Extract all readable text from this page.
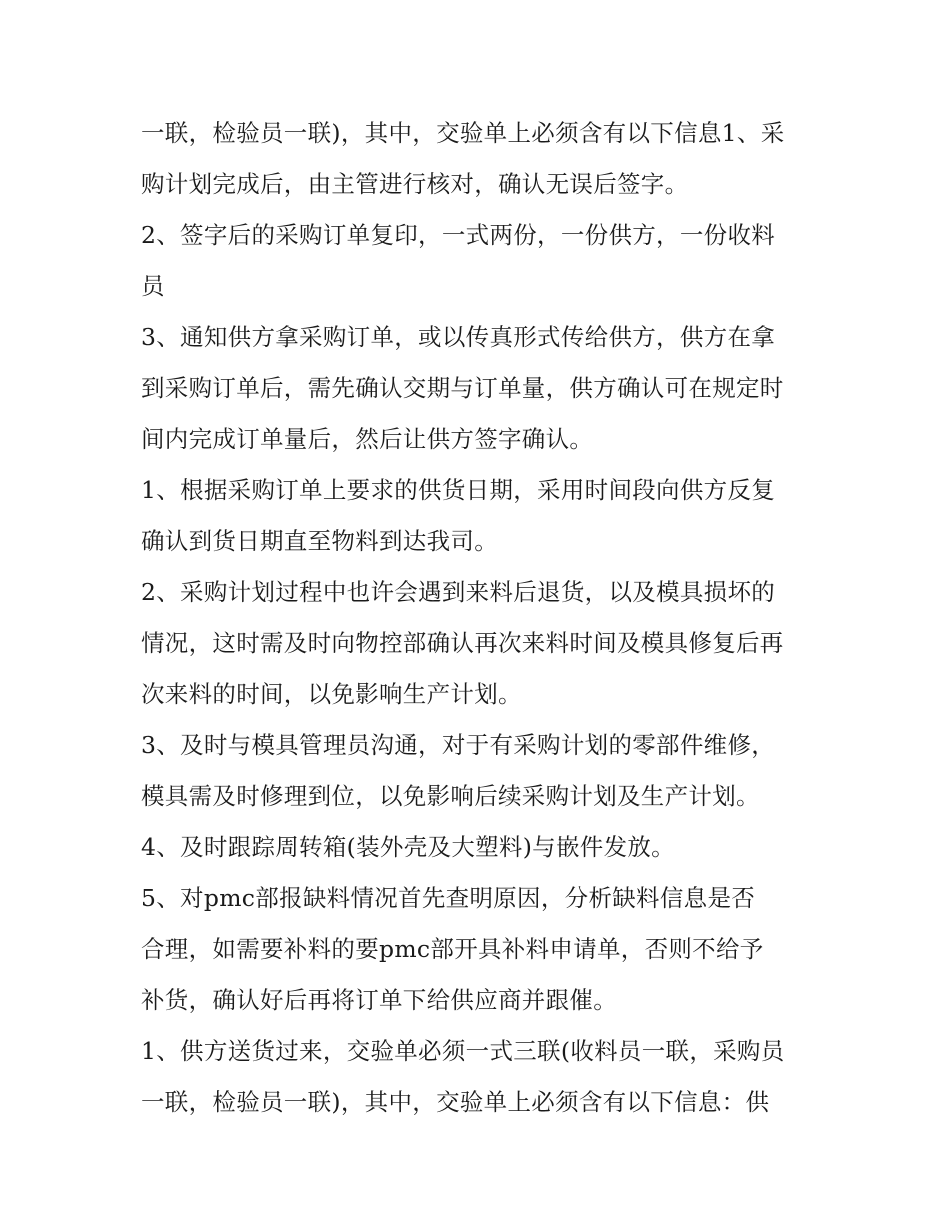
一联，检验员一联)，其中，交验单上必须含有以下信息1、采
购计划完成后，由主管进行核对，确认无误后签字。
2、签字后的采购订单复印，一式两份，一份供方，一份收料
员
3、通知供方拿采购订单，或以传真形式传给供方，供方在拿
到采购订单后，需先确认交期与订单量，供方确认可在规定时
间内完成订单量后，然后让供方签字确认。
1、根据采购订单上要求的供货日期，采用时间段向供方反复
确认到货日期直至物料到达我司。
2、采购计划过程中也许会遇到来料后退货，以及模具损坏的
情况，这时需及时向物控部确认再次来料时间及模具修复后再
次来料的时间，以免影响生产计划。
3、及时与模具管理员沟通，对于有采购计划的零部件维修，
模具需及时修理到位，以免影响后续采购计划及生产计划。
4、及时跟踪周转箱(装外壳及大塑料)与嵌件发放。
5、对pmc部报缺料情况首先查明原因，分析缺料信息是否
合理，如需要补料的要pmc部开具补料申请单，否则不给予
补货，确认好后再将订单下给供应商并跟催。
1、供方送货过来，交验单必须一式三联(收料员一联，采购员
一联，检验员一联)，其中，交验单上必须含有以下信息：供
